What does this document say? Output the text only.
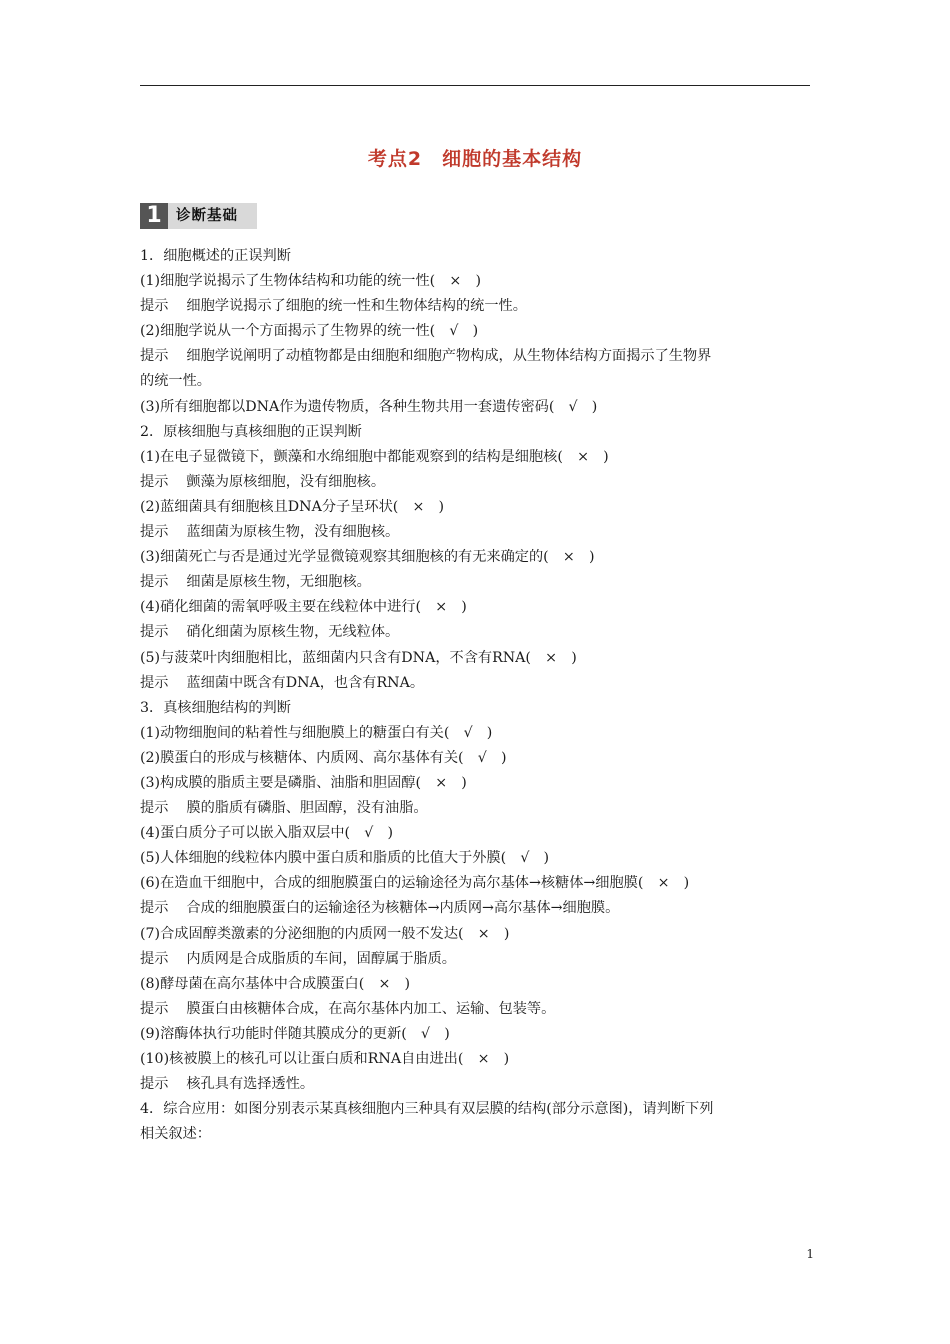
考点2　细胞的基本结构
1 诊断基础
1．细胞概述的正误判断
(1)细胞学说揭示了生物体结构和功能的统一性(　×　)
提示 细胞学说揭示了细胞的统一性和生物体结构的统一性。
(2)细胞学说从一个方面揭示了生物界的统一性(　√　)
提示 细胞学说阐明了动植物都是由细胞和细胞产物构成，从生物体结构方面揭示了生物界
的统一性。
(3)所有细胞都以DNA作为遗传物质，各种生物共用一套遗传密码(　√　)
2．原核细胞与真核细胞的正误判断
(1)在电子显微镜下，颤藻和水绵细胞中都能观察到的结构是细胞核(　×　)
提示 颤藻为原核细胞，没有细胞核。
(2)蓝细菌具有细胞核且DNA分子呈环状(　×　)
提示 蓝细菌为原核生物，没有细胞核。
(3)细菌死亡与否是通过光学显微镜观察其细胞核的有无来确定的(　×　)
提示 细菌是原核生物，无细胞核。
(4)硝化细菌的需氧呼吸主要在线粒体中进行(　×　)
提示 硝化细菌为原核生物，无线粒体。
(5)与菠菜叶肉细胞相比，蓝细菌内只含有DNA，不含有RNA(　×　)
提示 蓝细菌中既含有DNA，也含有RNA。
3．真核细胞结构的判断
(1)动物细胞间的粘着性与细胞膜上的糖蛋白有关(　√　)
(2)膜蛋白的形成与核糖体、内质网、高尔基体有关(　√　)
(3)构成膜的脂质主要是磷脂、油脂和胆固醇(　×　)
提示 膜的脂质有磷脂、胆固醇，没有油脂。
(4)蛋白质分子可以嵌入脂双层中(　√　)
(5)人体细胞的线粒体内膜中蛋白质和脂质的比值大于外膜(　√　)
(6)在造血干细胞中，合成的细胞膜蛋白的运输途径为高尔基体→核糖体→细胞膜(　×　)
提示 合成的细胞膜蛋白的运输途径为核糖体→内质网→高尔基体→细胞膜。
(7)合成固醇类激素的分泌细胞的内质网一般不发达(　×　)
提示 内质网是合成脂质的车间，固醇属于脂质。
(8)酵母菌在高尔基体中合成膜蛋白(　×　)
提示 膜蛋白由核糖体合成，在高尔基体内加工、运输、包装等。
(9)溶酶体执行功能时伴随其膜成分的更新(　√　)
(10)核被膜上的核孔可以让蛋白质和RNA自由进出(　×　)
提示 核孔具有选择透性。
4．综合应用：如图分别表示某真核细胞内三种具有双层膜的结构(部分示意图)，请判断下列
相关叙述：
1
